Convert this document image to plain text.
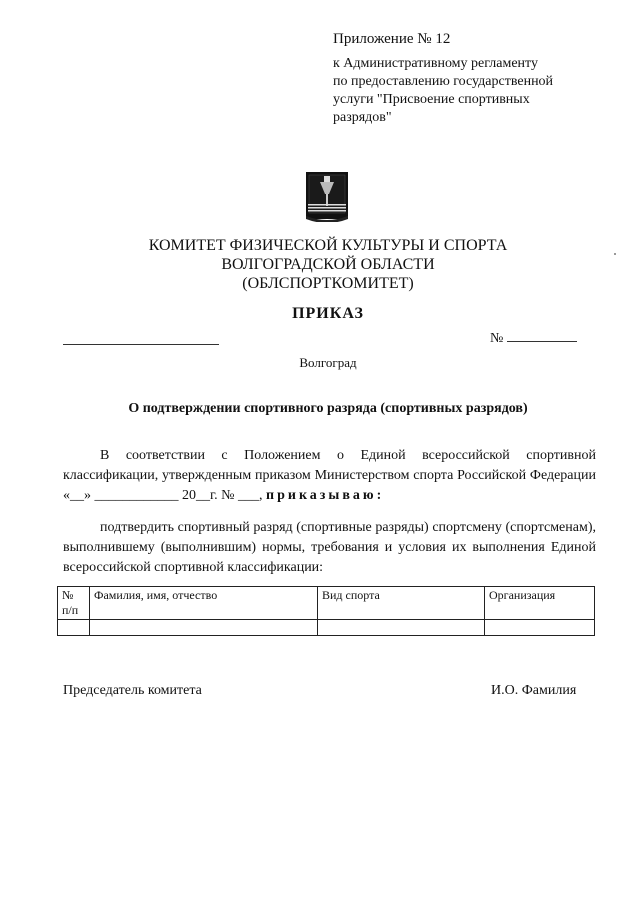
Приложение № 12
к Административному регламенту
по предоставлению государственной
услуги "Присвоение спортивных
разрядов"
КОМИТЕТ ФИЗИЧЕСКОЙ КУЛЬТУРЫ И СПОРТА
ВОЛГОГРАДСКОЙ ОБЛАСТИ
(ОБЛСПОРТКОМИТЕТ)
ПРИКАЗ
№
Волгоград
О подтверждении спортивного разряда (спортивных разрядов)
В соответствии с Положением о Единой всероссийской спортивной классификации, утвержденным приказом Министерством спорта Российской Федерации «__» ____________ 20__г. № ___, приказываю:
подтвердить спортивный разряд (спортивные разряды) спортсмену (спортсменам), выполнившему (выполнившим) нормы, требования и условия их выполнения Единой всероссийской спортивной классификации:
№
п/п	Фамилия, имя, отчество	Вид спорта	Организация

Председатель комитета	И.О. Фамилия
